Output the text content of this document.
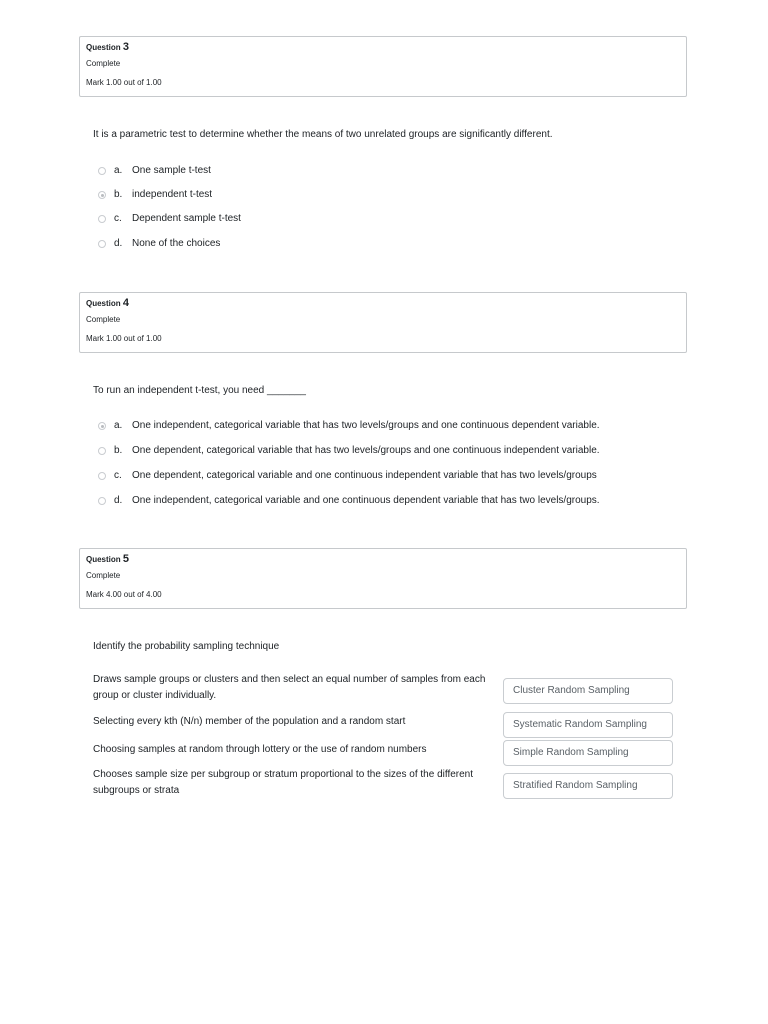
Question 3
Complete
Mark 1.00 out of 1.00
It is a parametric test to determine whether the means of two unrelated groups are significantly different.
a. One sample t-test
b. independent t-test
c. Dependent sample t-test
d. None of the choices
Question 4
Complete
Mark 1.00 out of 1.00
To run an independent t-test, you need _______
a. One independent, categorical variable that has two levels/groups and one continuous dependent variable.
b. One dependent, categorical variable that has two levels/groups and one continuous independent variable.
c. One dependent, categorical variable and one continuous independent variable that has two levels/groups
d. One independent, categorical variable and one continuous dependent variable that has two levels/groups.
Question 5
Complete
Mark 4.00 out of 4.00
Identify the probability sampling technique
Draws sample groups or clusters and then select an equal number of samples from each group or cluster individually.	Cluster Random Sampling
Selecting every kth (N/n) member of the population and a random start	Systematic Random Sampling
Choosing samples at random through lottery or the use of random numbers	Simple Random Sampling
Chooses sample size per subgroup or stratum proportional to the sizes of the different subgroups or strata	Stratified Random Sampling
